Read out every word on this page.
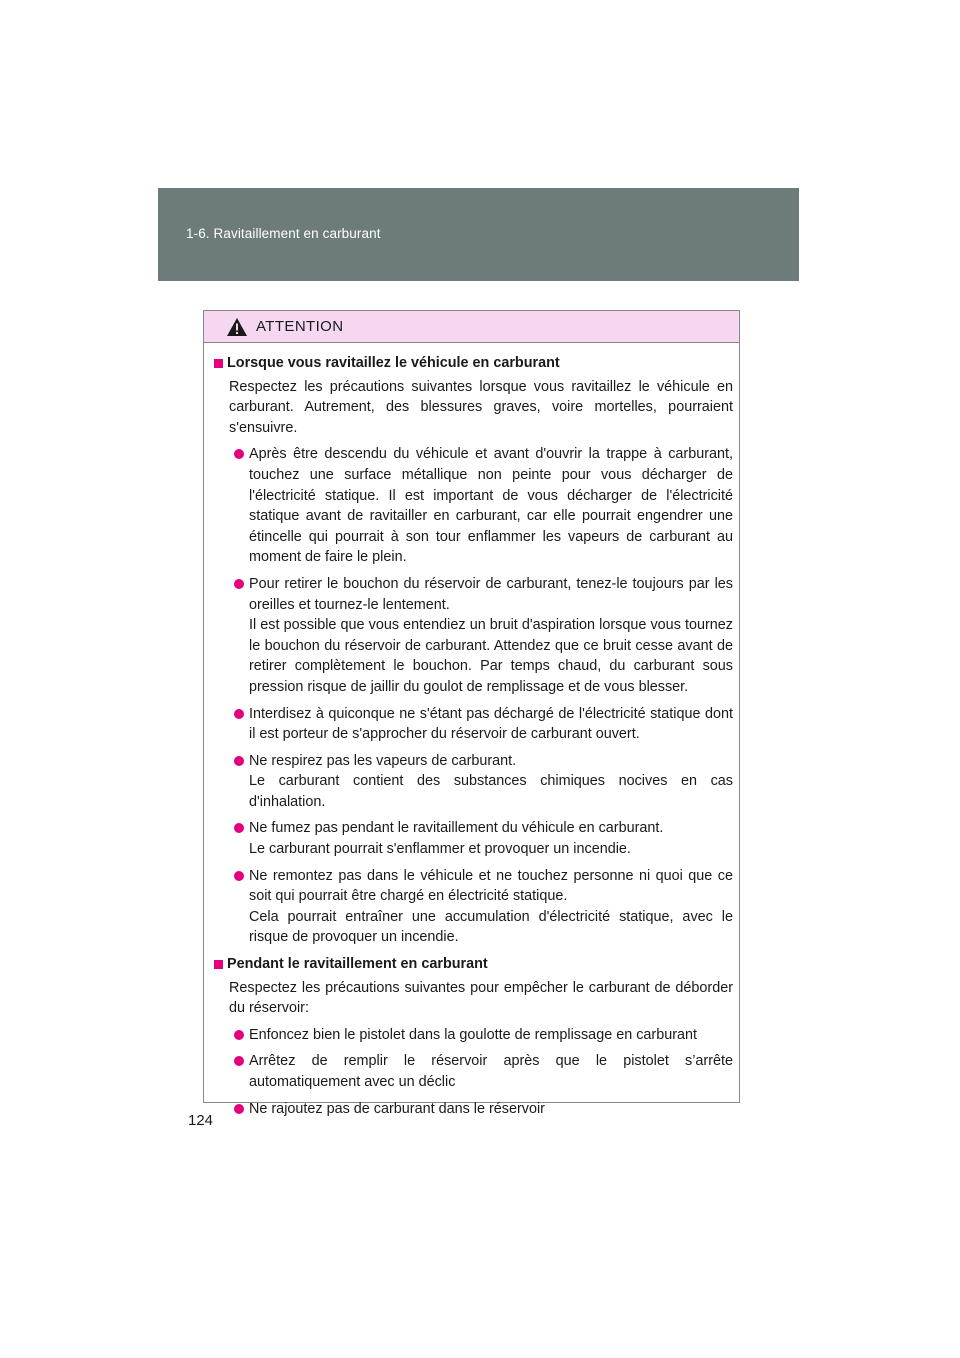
1-6. Ravitaillement en carburant
ATTENTION
Lorsque vous ravitaillez le véhicule en carburant
Respectez les précautions suivantes lorsque vous ravitaillez le véhicule en carburant. Autrement, des blessures graves, voire mortelles, pourraient s'ensuivre.
Après être descendu du véhicule et avant d'ouvrir la trappe à carburant, touchez une surface métallique non peinte pour vous décharger de l'électricité statique. Il est important de vous décharger de l'électricité statique avant de ravitailler en carburant, car elle pourrait engendrer une étincelle qui pourrait à son tour enflammer les vapeurs de carburant au moment de faire le plein.
Pour retirer le bouchon du réservoir de carburant, tenez-le toujours par les oreilles et tournez-le lentement.
Il est possible que vous entendiez un bruit d'aspiration lorsque vous tournez le bouchon du réservoir de carburant. Attendez que ce bruit cesse avant de retirer complètement le bouchon. Par temps chaud, du carburant sous pression risque de jaillir du goulot de remplissage et de vous blesser.
Interdisez à quiconque ne s'étant pas déchargé de l'électricité statique dont il est porteur de s'approcher du réservoir de carburant ouvert.
Ne respirez pas les vapeurs de carburant.
Le carburant contient des substances chimiques nocives en cas d'inhalation.
Ne fumez pas pendant le ravitaillement du véhicule en carburant.
Le carburant pourrait s'enflammer et provoquer un incendie.
Ne remontez pas dans le véhicule et ne touchez personne ni quoi que ce soit qui pourrait être chargé en électricité statique.
Cela pourrait entraîner une accumulation d'électricité statique, avec le risque de provoquer un incendie.
Pendant le ravitaillement en carburant
Respectez les précautions suivantes pour empêcher le carburant de déborder du réservoir:
Enfoncez bien le pistolet dans la goulotte de remplissage en carburant
Arrêtez de remplir le réservoir après que le pistolet s’arrête automatiquement avec un déclic
Ne rajoutez pas de carburant dans le réservoir
124
